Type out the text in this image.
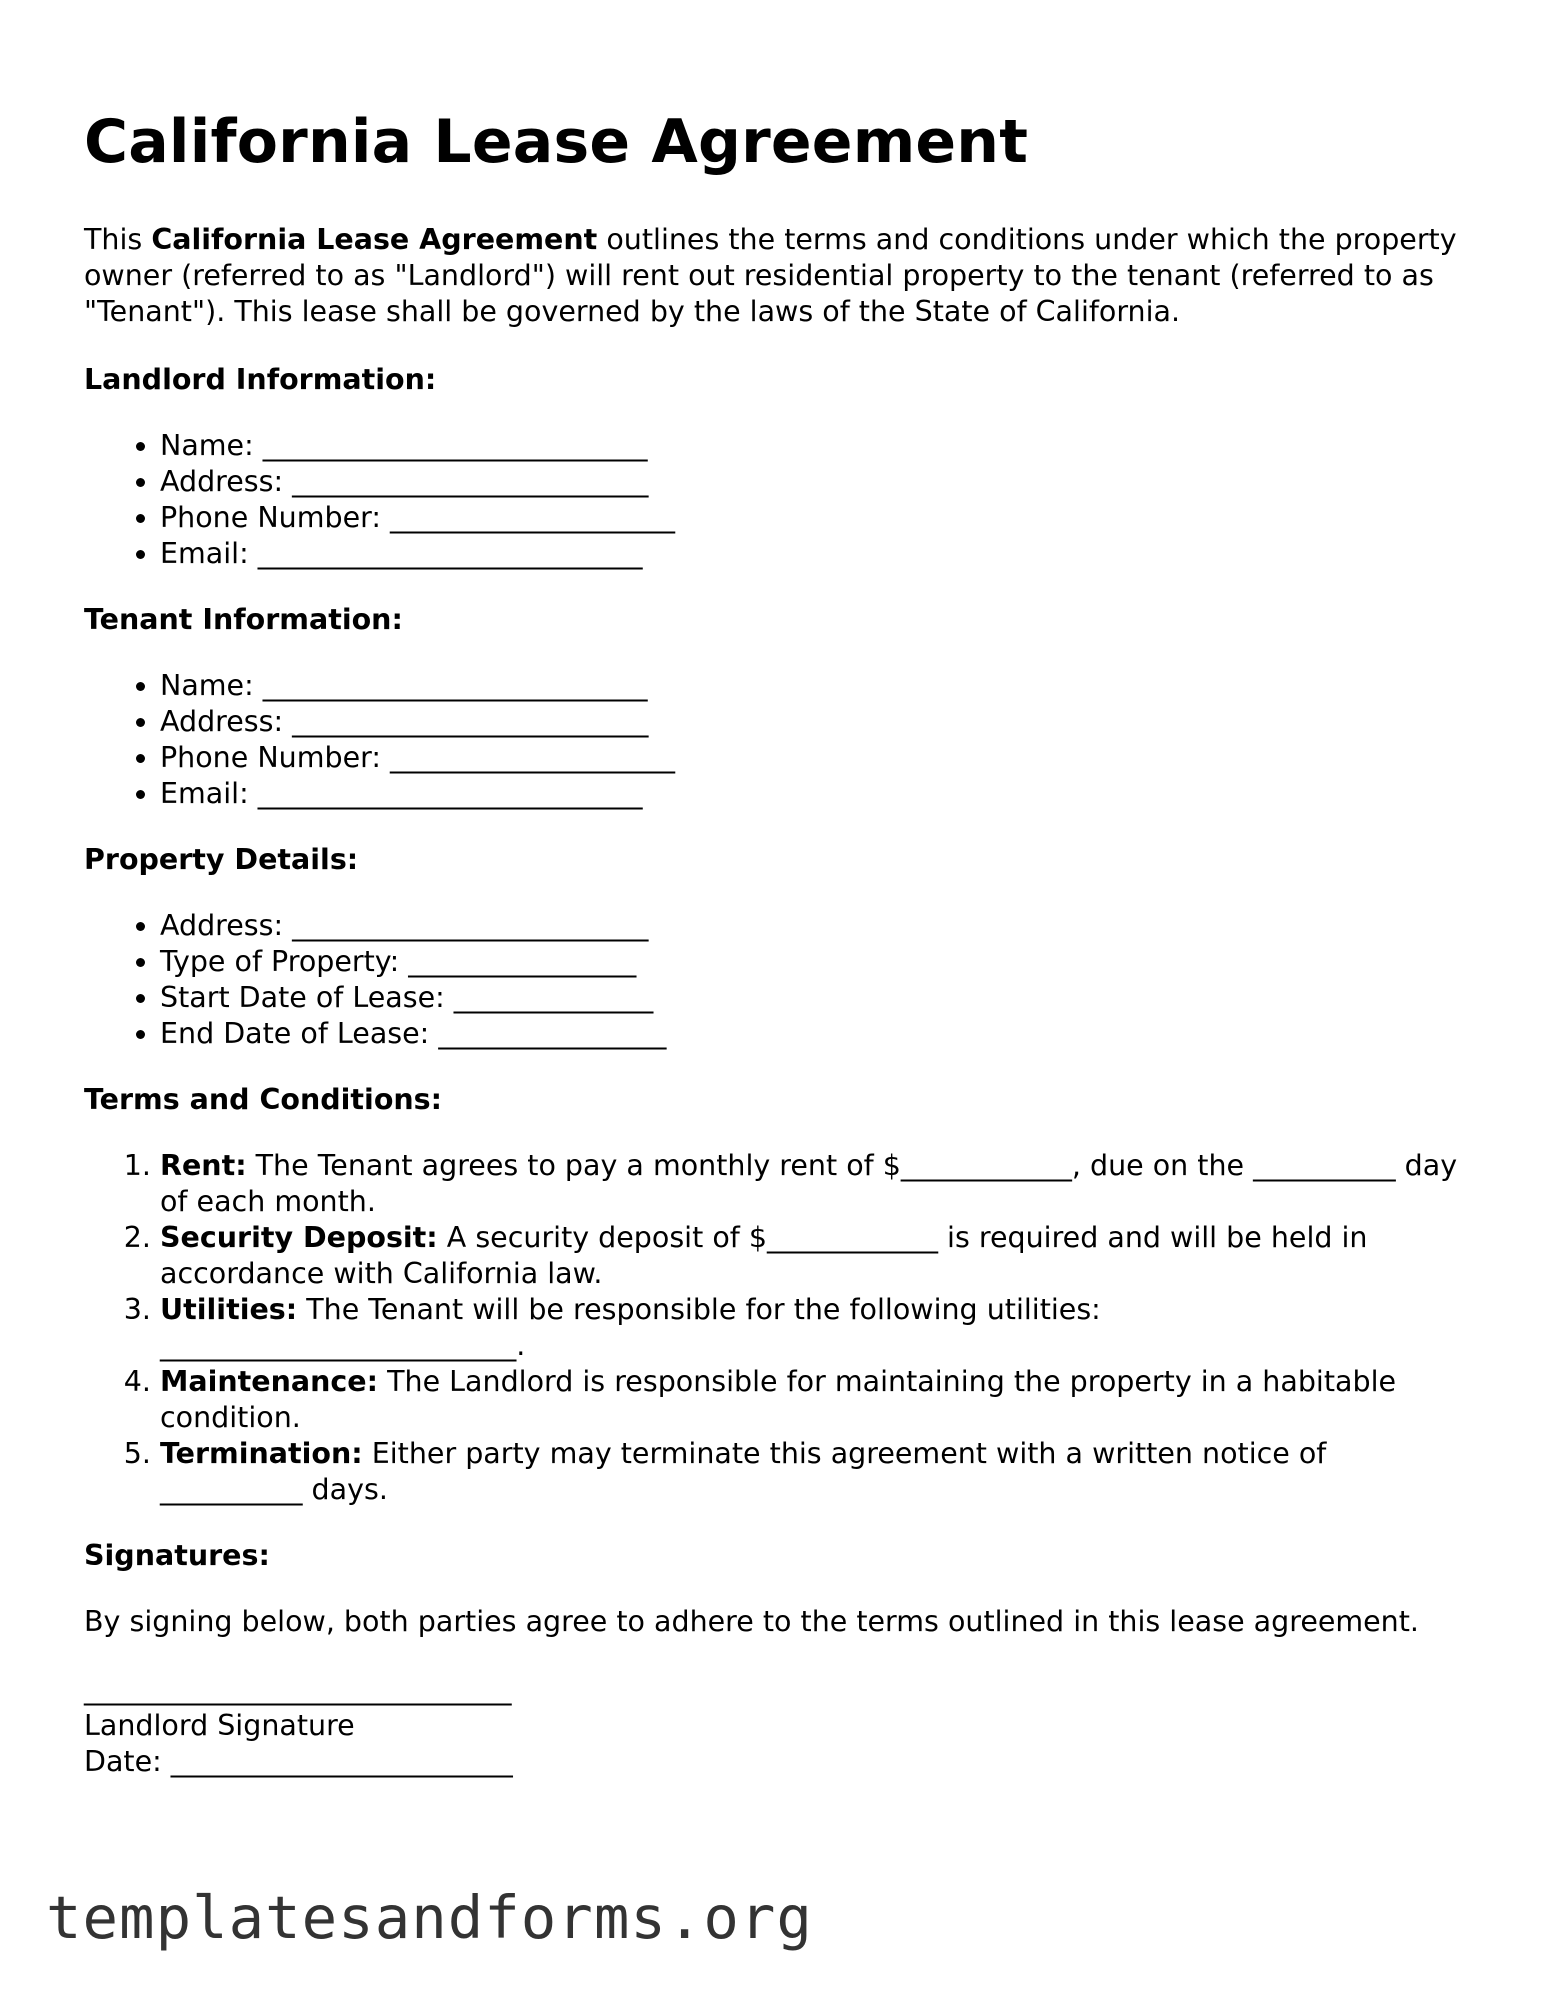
California Lease Agreement

This California Lease Agreement outlines the terms and conditions under which the property owner (referred to as "Landlord") will rent out residential property to the tenant (referred to as "Tenant"). This lease shall be governed by the laws of the State of California.

Landlord Information:
• Name: ___________________________
• Address: _________________________
• Phone Number: ____________________
• Email: ___________________________
Tenant Information:
• Name: ___________________________
• Address: _________________________
• Phone Number: ____________________
• Email: ___________________________
Property Details:
• Address: _________________________
• Type of Property: ________________
• Start Date of Lease: ______________
• End Date of Lease: ________________
Terms and Conditions:
1. Rent: The Tenant agrees to pay a monthly rent of $____________, due on the __________ day of each month.
2. Security Deposit: A security deposit of $____________ is required and will be held in accordance with California law.
3. Utilities: The Tenant will be responsible for the following utilities: _________________________.
4. Maintenance: The Landlord is responsible for maintaining the property in a habitable condition.
5. Termination: Either party may terminate this agreement with a written notice of __________ days.
Signatures:

By signing below, both parties agree to adhere to the terms outlined in this lease agreement.

______________________________
Landlord Signature
Date: ________________________
templatesandforms.org
